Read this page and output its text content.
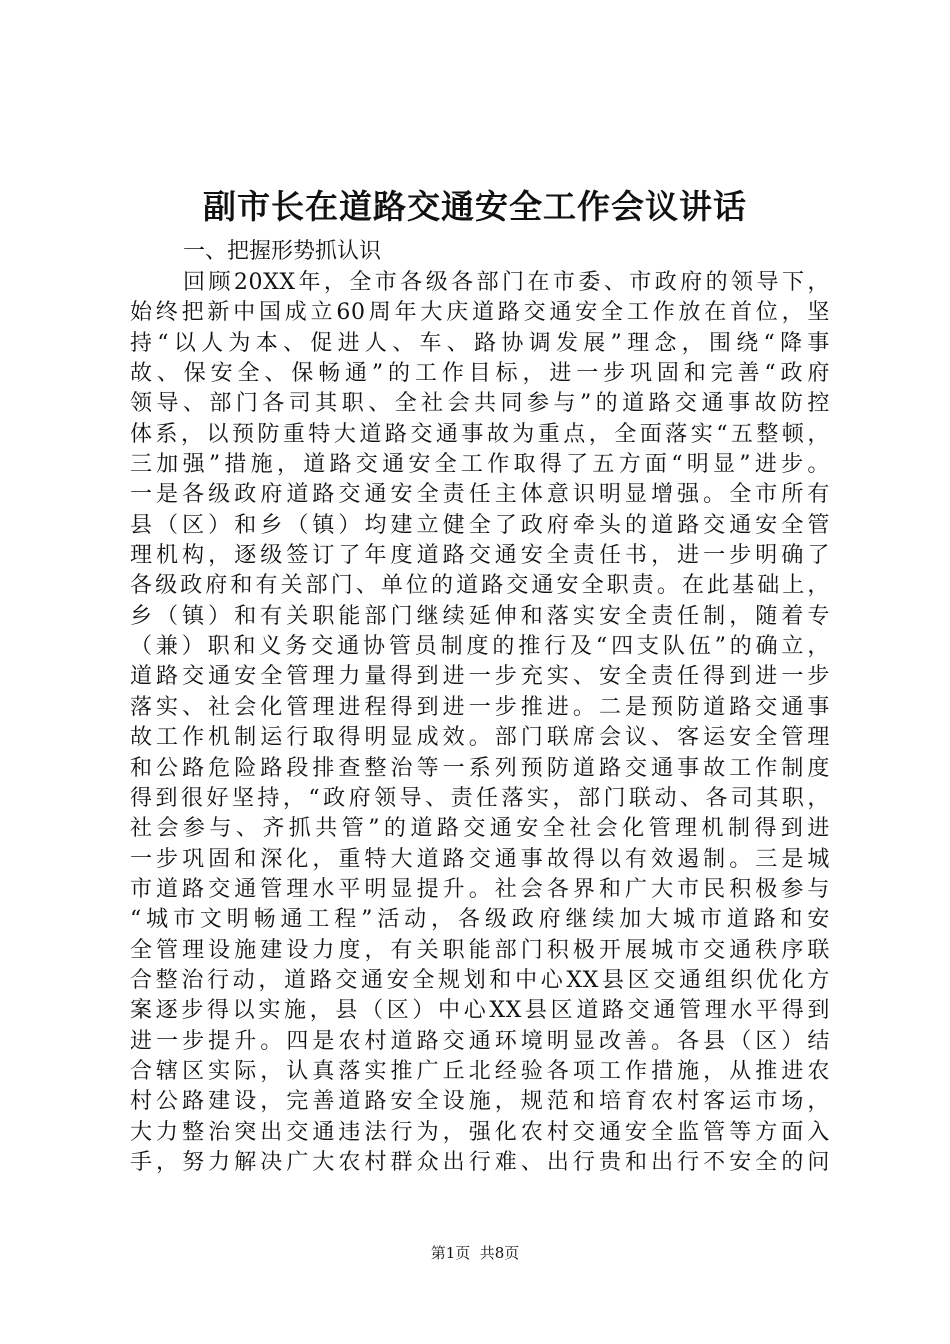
副市长在道路交通安全工作会议讲话
一、把握形势抓认识
回顾20XX年，全市各级各部门在市委、市政府的领导下，
始终把新中国成立60周年大庆道路交通安全工作放在首位，坚
持“以人为本、促进人、车、路协调发展”理念，围绕“降事
故、保安全、保畅通”的工作目标，进一步巩固和完善“政府
领导、部门各司其职、全社会共同参与”的道路交通事故防控
体系，以预防重特大道路交通事故为重点，全面落实“五整顿，
三加强”措施，道路交通安全工作取得了五方面“明显”进步。
一是各级政府道路交通安全责任主体意识明显增强。全市所有
县（区）和乡（镇）均建立健全了政府牵头的道路交通安全管
理机构，逐级签订了年度道路交通安全责任书，进一步明确了
各级政府和有关部门、单位的道路交通安全职责。在此基础上，
乡（镇）和有关职能部门继续延伸和落实安全责任制，随着专
（兼）职和义务交通协管员制度的推行及“四支队伍”的确立，
道路交通安全管理力量得到进一步充实、安全责任得到进一步
落实、社会化管理进程得到进一步推进。二是预防道路交通事
故工作机制运行取得明显成效。部门联席会议、客运安全管理
和公路危险路段排查整治等一系列预防道路交通事故工作制度
得到很好坚持，“政府领导、责任落实，部门联动、各司其职，
社会参与、齐抓共管”的道路交通安全社会化管理机制得到进
一步巩固和深化，重特大道路交通事故得以有效遏制。三是城
市道路交通管理水平明显提升。社会各界和广大市民积极参与
“城市文明畅通工程”活动，各级政府继续加大城市道路和安
全管理设施建设力度，有关职能部门积极开展城市交通秩序联
合整治行动，道路交通安全规划和中心XX县区交通组织优化方
案逐步得以实施，县（区）中心XX县区道路交通管理水平得到
进一步提升。四是农村道路交通环境明显改善。各县（区）结
合辖区实际，认真落实推广丘北经验各项工作措施，从推进农
村公路建设，完善道路安全设施，规范和培育农村客运市场，
大力整治突出交通违法行为，强化农村交通安全监管等方面入
手，努力解决广大农村群众出行难、出行贵和出行不安全的问
第1页  共8页
